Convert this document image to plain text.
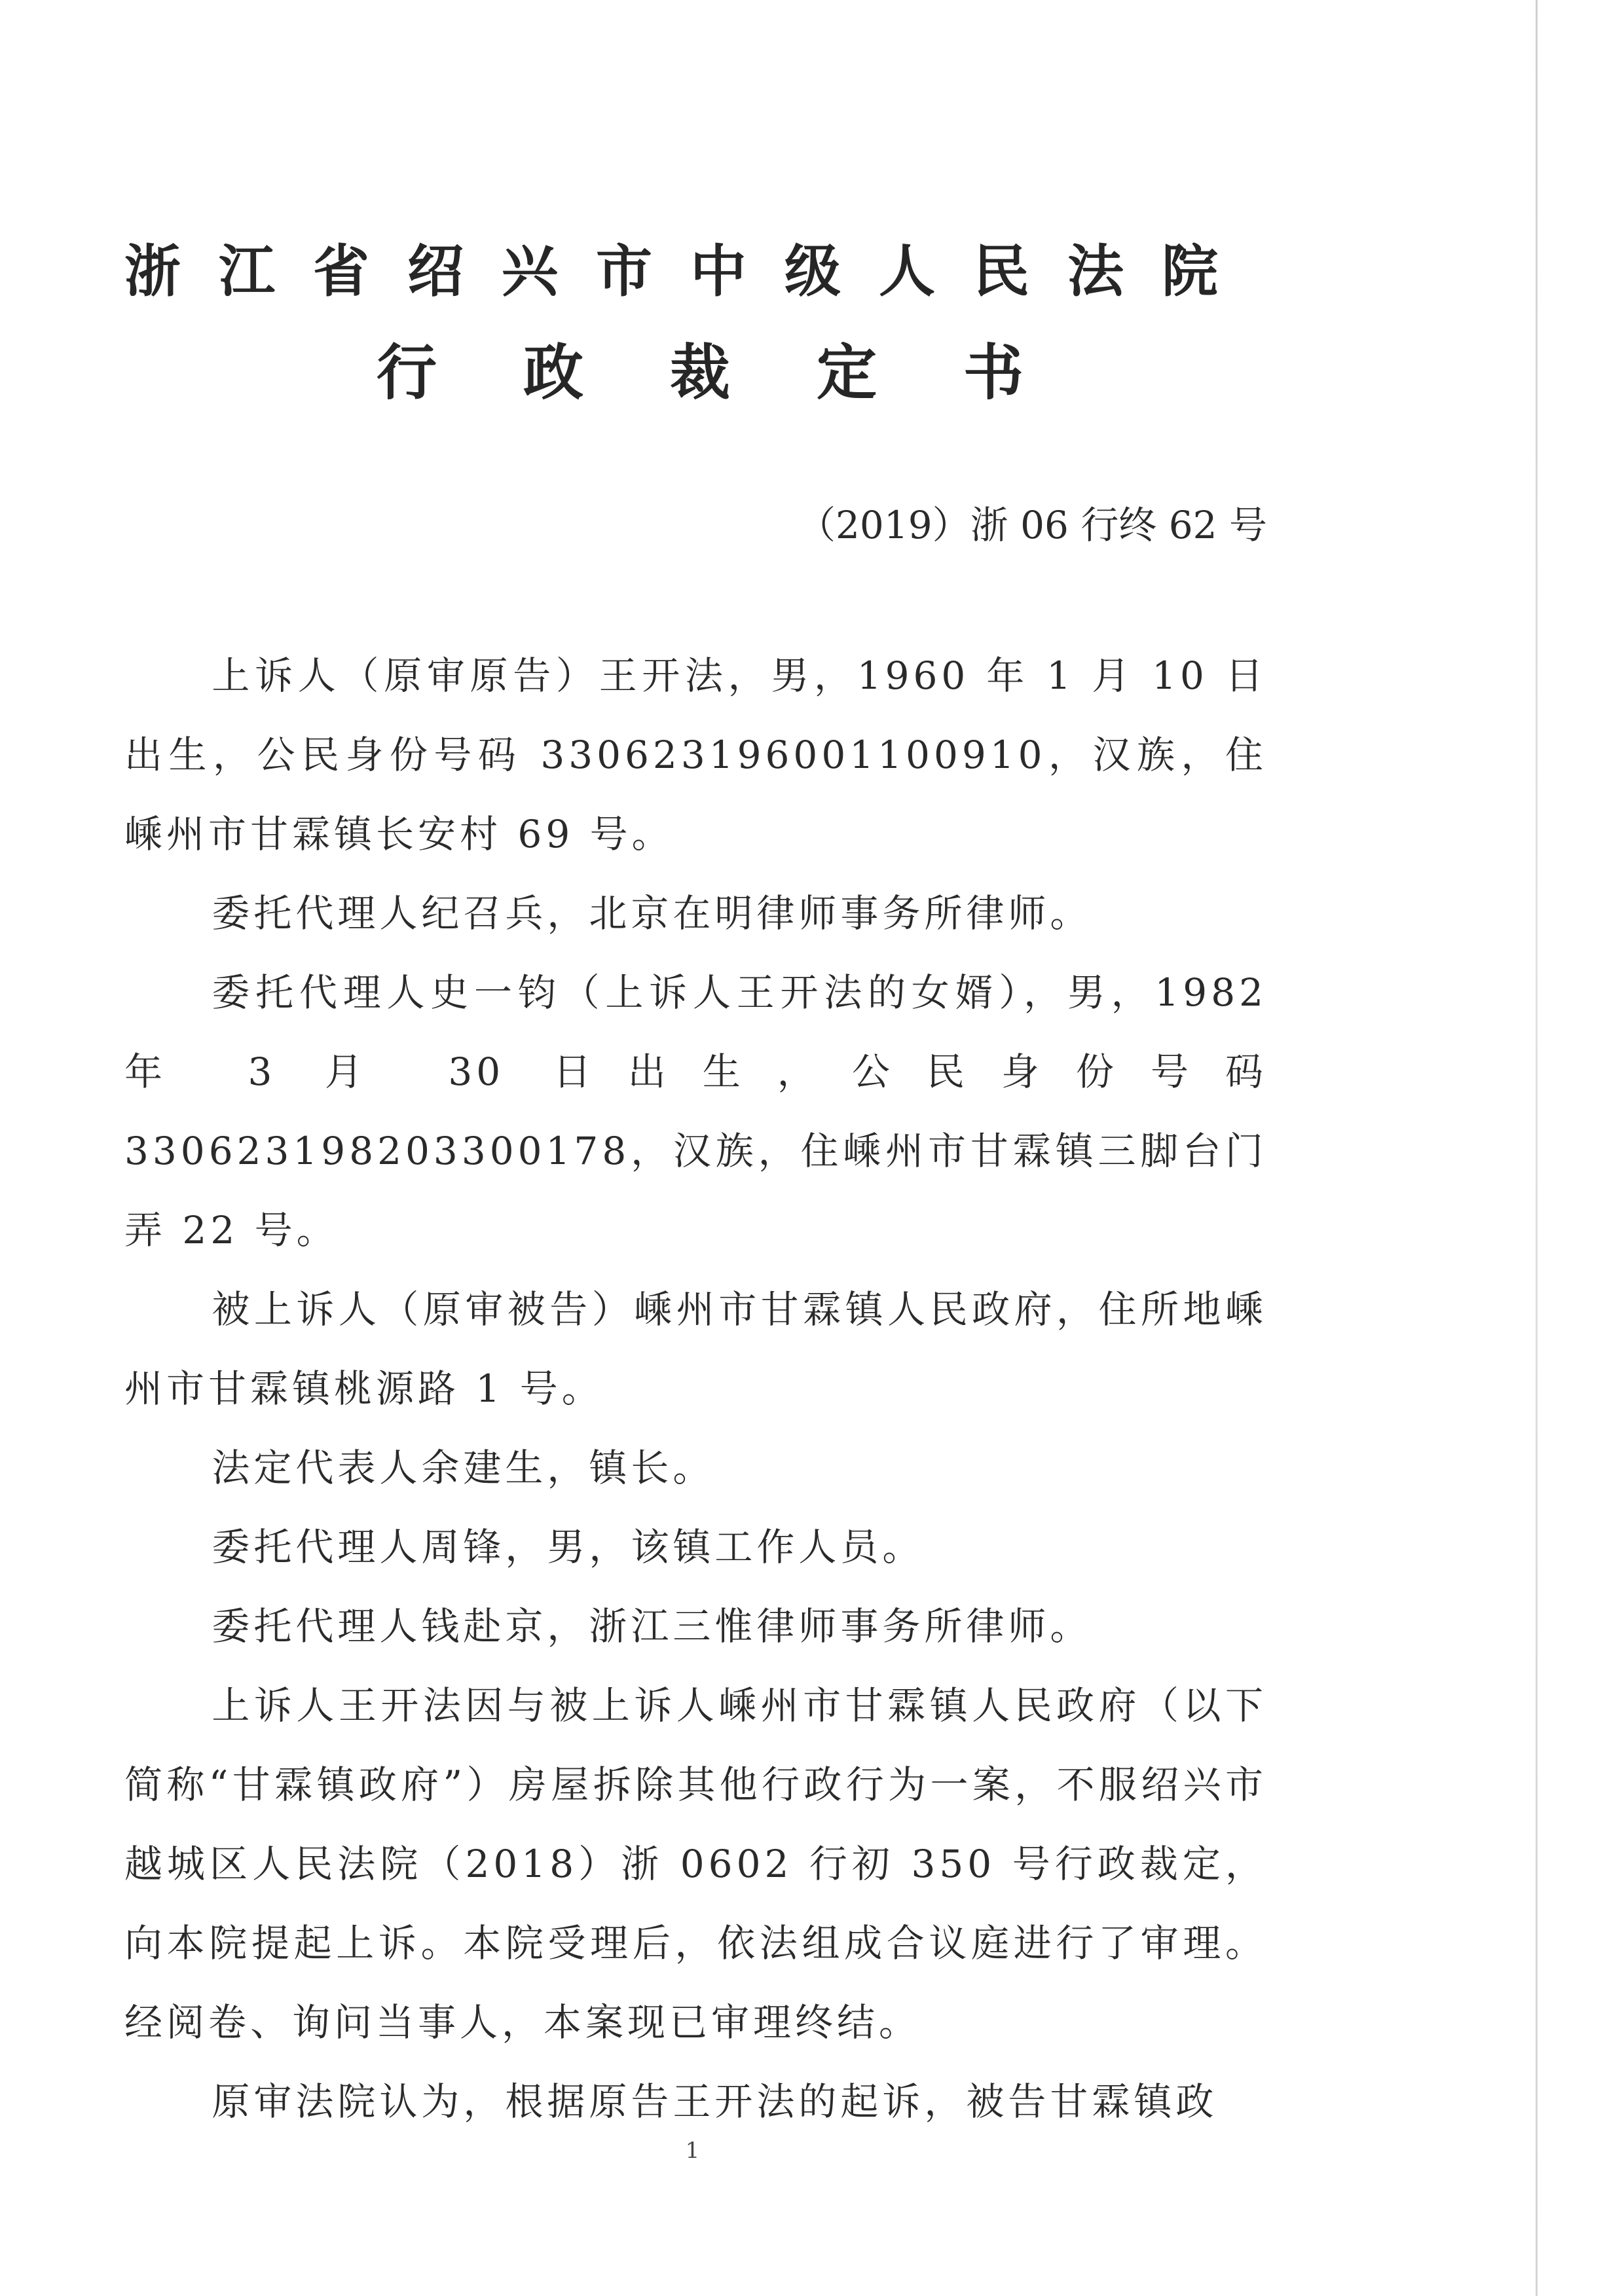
浙江省绍兴市中级人民法院
行政裁定书
（2019）浙 06 行终 62 号

上诉人（原审原告）王开法，男，1960 年 1 月 10 日出生，公民身份号码 330623196001100910，汉族，住嵊州市甘霖镇长安村 69 号。

委托代理人纪召兵，北京在明律师事务所律师。

委托代理人史一钧（上诉人王开法的女婿），男，1982 年 3 月 30 日出生，公民身份号码 330623198203300178，汉族，住嵊州市甘霖镇三脚台门弄 22 号。

被上诉人（原审被告）嵊州市甘霖镇人民政府，住所地嵊州市甘霖镇桃源路 1 号。

法定代表人余建生，镇长。

委托代理人周锋，男，该镇工作人员。

委托代理人钱赴京，浙江三惟律师事务所律师。

上诉人王开法因与被上诉人嵊州市甘霖镇人民政府（以下简称“甘霖镇政府”）房屋拆除其他行政行为一案，不服绍兴市越城区人民法院（2018）浙 0602 行初 350 号行政裁定，向本院提起上诉。本院受理后，依法组成合议庭进行了审理。经阅卷、询问当事人，本案现已审理终结。

原审法院认为，根据原告王开法的起诉，被告甘霖镇政

1
